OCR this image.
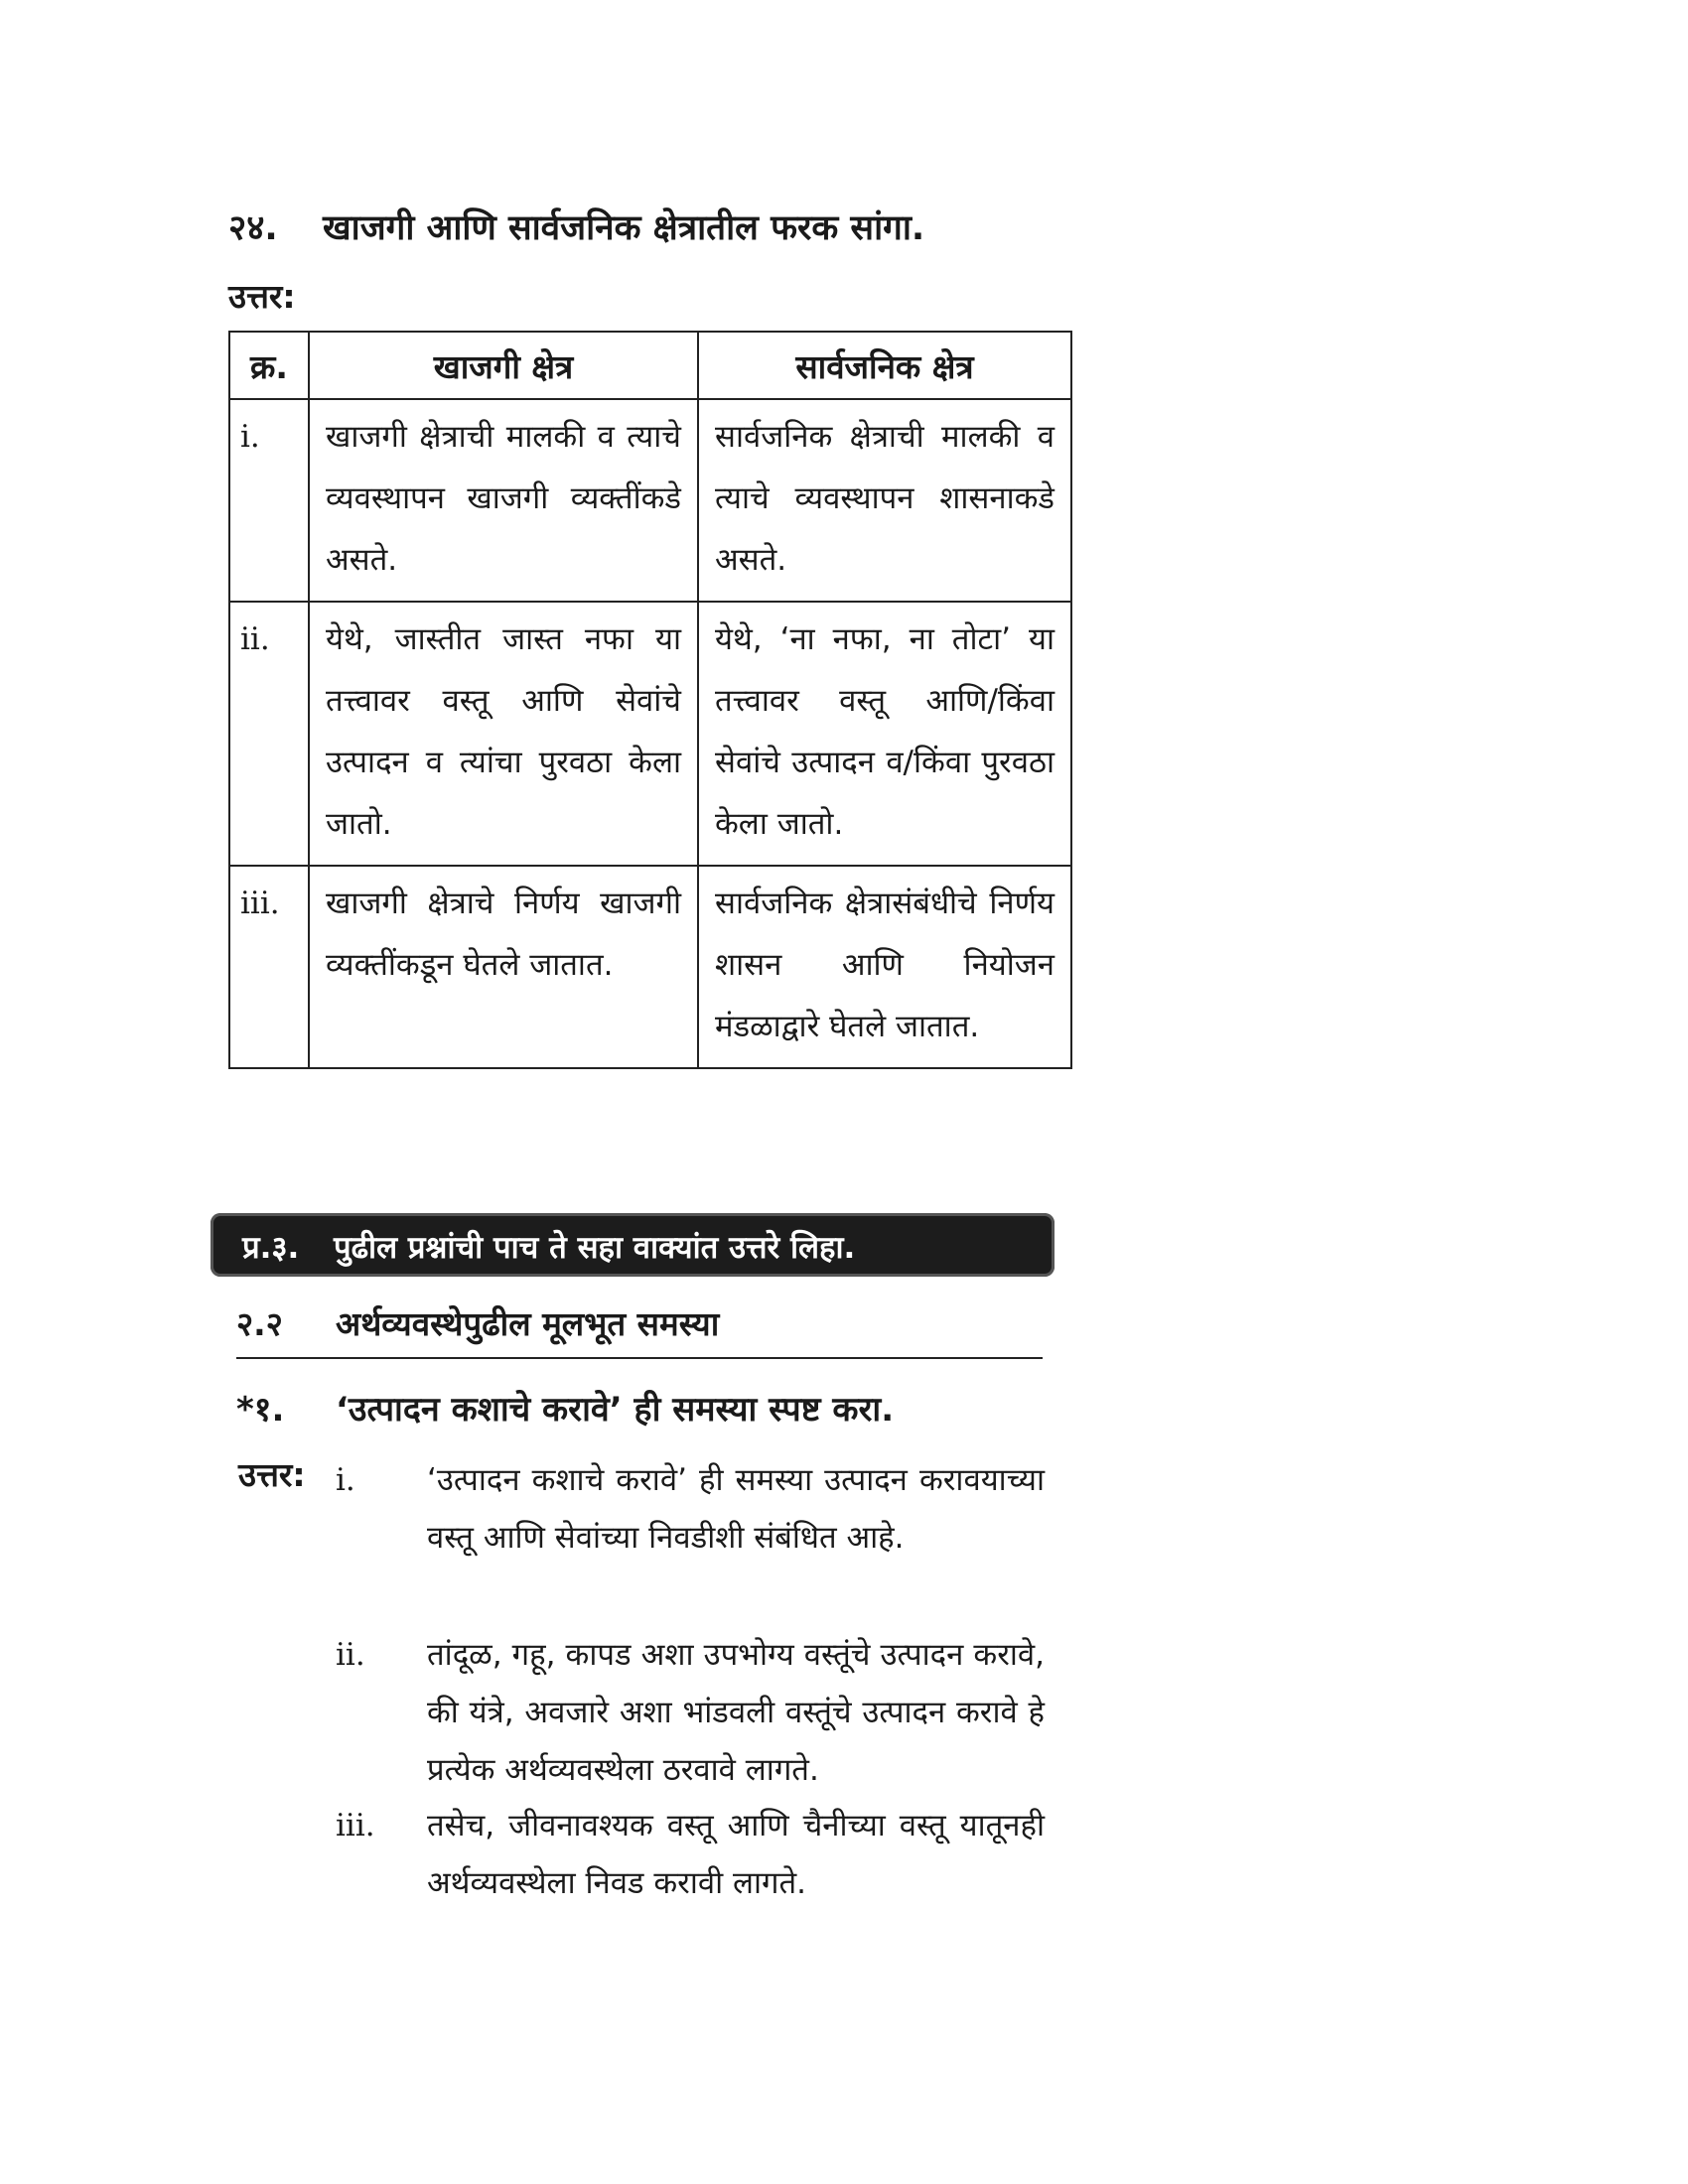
२४. खाजगी आणि सार्वजनिक क्षेत्रातील फरक सांगा.
उत्तर:
क्र.	खाजगी क्षेत्र	सार्वजनिक क्षेत्र
i.	खाजगी क्षेत्राची मालकी व त्याचे व्यवस्थापन खाजगी व्यक्तींकडे असते.	सार्वजनिक क्षेत्राची मालकी व त्याचे व्यवस्थापन शासनाकडे असते.
ii.	येथे, जास्तीत जास्त नफा या तत्त्वावर वस्तू आणि सेवांचे उत्पादन व त्यांचा पुरवठा केला जातो.	येथे, ‘ना नफा, ना तोटा’ या तत्त्वावर वस्तू आणि/किंवा सेवांचे उत्पादन व/किंवा पुरवठा केला जातो.
iii.	खाजगी क्षेत्राचे निर्णय खाजगी व्यक्तींकडून घेतले जातात.	सार्वजनिक क्षेत्रासंबंधीचे निर्णय शासन आणि नियोजन मंडळाद्वारे घेतले जातात.
प्र.३. पुढील प्रश्नांची पाच ते सहा वाक्यांत उत्तरे लिहा.
२.२ अर्थव्यवस्थेपुढील मूलभूत समस्या
*१. ‘उत्पादन कशाचे करावे’ ही समस्या स्पष्ट करा.
उत्तर: i. ‘उत्पादन कशाचे करावे’ ही समस्या उत्पादन करावयाच्या वस्तू आणि सेवांच्या निवडीशी संबंधित आहे.
ii. तांदूळ, गहू, कापड अशा उपभोग्य वस्तूंचे उत्पादन करावे, की यंत्रे, अवजारे अशा भांडवली वस्तूंचे उत्पादन करावे हे प्रत्येक अर्थव्यवस्थेला ठरवावे लागते.
iii. तसेच, जीवनावश्यक वस्तू आणि चैनीच्या वस्तू यातूनही अर्थव्यवस्थेला निवड करावी लागते.
